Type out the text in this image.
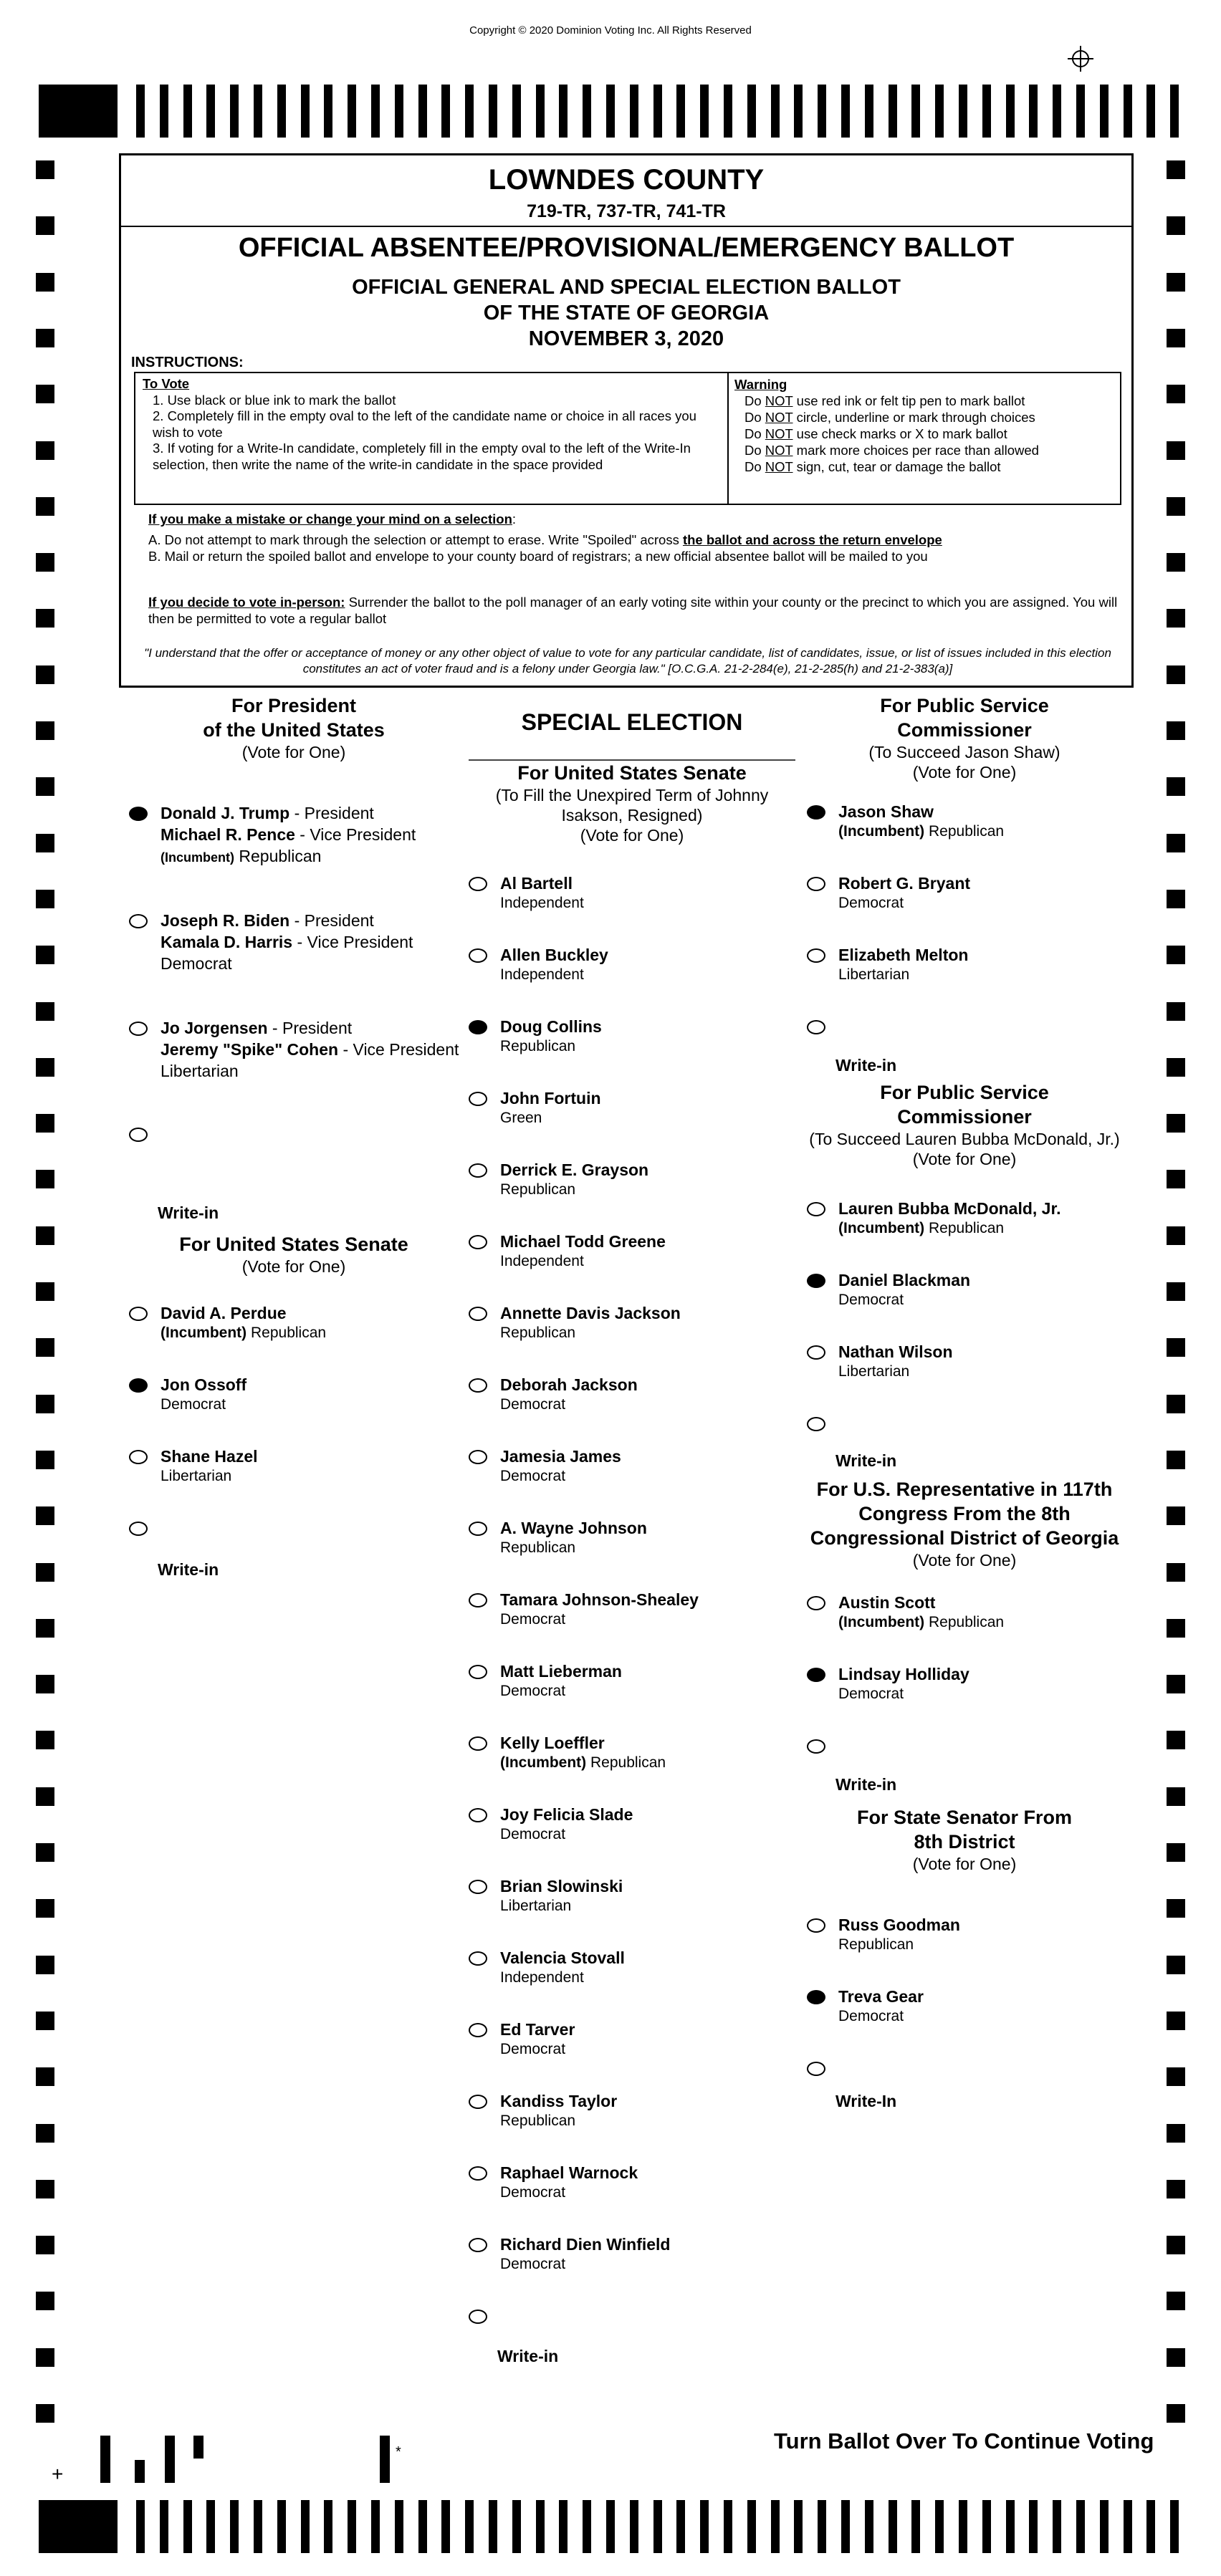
Copyright © 2020 Dominion Voting Inc. All Rights Reserved
LOWNDES COUNTY
719-TR, 737-TR, 741-TR
OFFICIAL ABSENTEE/PROVISIONAL/EMERGENCY BALLOT
OFFICIAL GENERAL AND SPECIAL ELECTION BALLOT
OF THE STATE OF GEORGIA
NOVEMBER 3, 2020
INSTRUCTIONS:
To Vote
1. Use black or blue ink to mark the ballot
2. Completely fill in the empty oval to the left of the candidate name or choice in all races you wish to vote
3. If voting for a Write-In candidate, completely fill in the empty oval to the left of the Write-In selection, then write the name of the write-in candidate in the space provided
Warning
Do NOT use red ink or felt tip pen to mark ballot
Do NOT circle, underline or mark through choices
Do NOT use check marks or X to mark ballot
Do NOT mark more choices per race than allowed
Do NOT sign, cut, tear or damage the ballot
If you make a mistake or change your mind on a selection:
A. Do not attempt to mark through the selection or attempt to erase. Write "Spoiled" across the ballot and across the return envelope
B. Mail or return the spoiled ballot and envelope to your county board of registrars; a new official absentee ballot will be mailed to you
If you decide to vote in-person: Surrender the ballot to the poll manager of an early voting site within your county or the precinct to which you are assigned. You will then be permitted to vote a regular ballot
"I understand that the offer or acceptance of money or any other object of value to vote for any particular candidate, list of candidates, issue, or list of issues included in this election constitutes an act of voter fraud and is a felony under Georgia law." [O.C.G.A. 21-2-284(e), 21-2-285(h) and 21-2-383(a)]
For President
of the United States
(Vote for One)
Donald J. Trump - President
Michael R. Pence - Vice President
(Incumbent) Republican
Joseph R. Biden - President
Kamala D. Harris - Vice President
Democrat
Jo Jorgensen - President
Jeremy "Spike" Cohen - Vice President
Libertarian
Write-in
For United States Senate
(Vote for One)
David A. Perdue
(Incumbent) Republican
Jon Ossoff
Democrat
Shane Hazel
Libertarian
Write-in
SPECIAL ELECTION
For United States Senate
(To Fill the Unexpired Term of Johnny
Isakson, Resigned)
(Vote for One)
Al Bartell
Independent
Allen Buckley
Independent
Doug Collins
Republican
John Fortuin
Green
Derrick E. Grayson
Republican
Michael Todd Greene
Independent
Annette Davis Jackson
Republican
Deborah Jackson
Democrat
Jamesia James
Democrat
A. Wayne Johnson
Republican
Tamara Johnson-Shealey
Democrat
Matt Lieberman
Democrat
Kelly Loeffler
(Incumbent) Republican
Joy Felicia Slade
Democrat
Brian Slowinski
Libertarian
Valencia Stovall
Independent
Ed Tarver
Democrat
Kandiss Taylor
Republican
Raphael Warnock
Democrat
Richard Dien Winfield
Democrat
Write-in
For Public Service
Commissioner
(To Succeed Jason Shaw)
(Vote for One)
Jason Shaw
(Incumbent) Republican
Robert G. Bryant
Democrat
Elizabeth Melton
Libertarian
Write-in
For Public Service
Commissioner
(To Succeed Lauren Bubba McDonald, Jr.)
(Vote for One)
Lauren Bubba McDonald, Jr.
(Incumbent) Republican
Daniel Blackman
Democrat
Nathan Wilson
Libertarian
Write-in
For U.S. Representative in 117th
Congress From the 8th
Congressional District of Georgia
(Vote for One)
Austin Scott
(Incumbent) Republican
Lindsay Holliday
Democrat
Write-in
For State Senator From
8th District
(Vote for One)
Russ Goodman
Republican
Treva Gear
Democrat
Write-In
+
*	Turn Ballot Over To Continue Voting
